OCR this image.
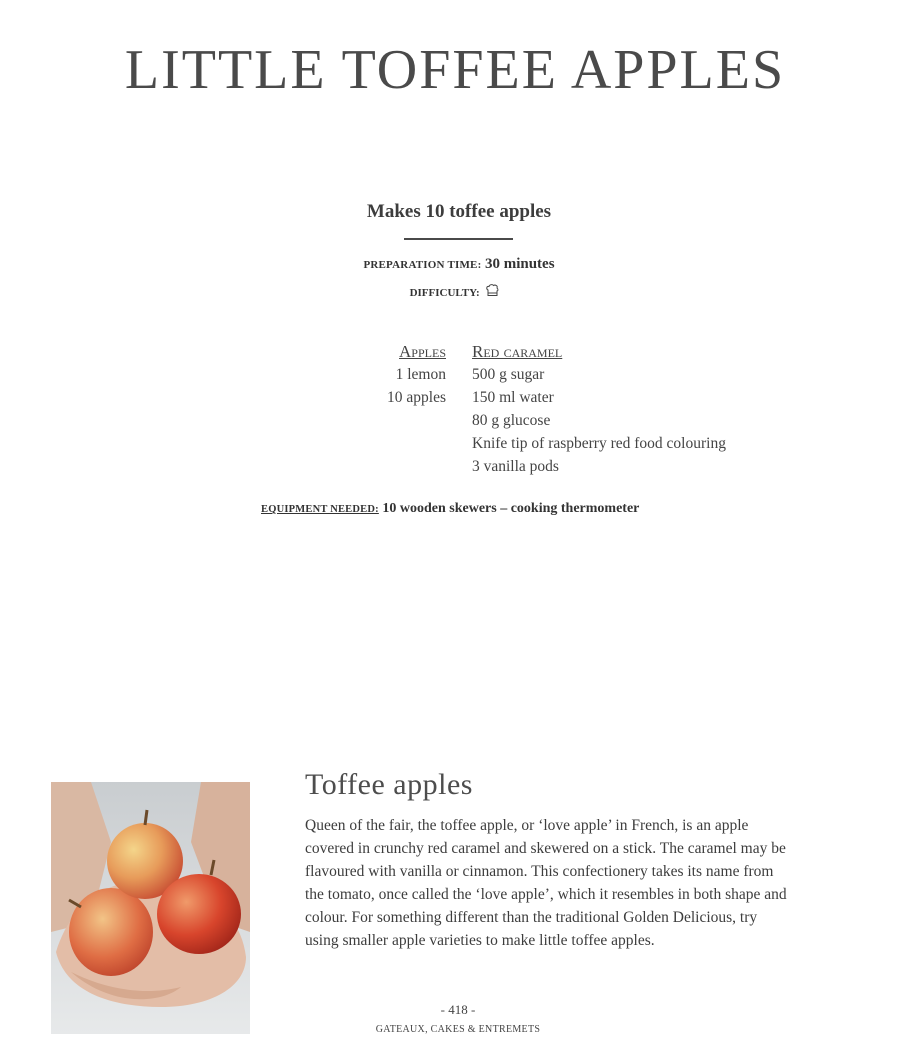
LITTLE TOFFEE APPLES
Makes 10 toffee apples
PREPARATION TIME: 30 minutes
DIFFICULTY:
Apples
1 lemon
10 apples
Red caramel
500 g sugar
150 ml water
80 g glucose
Knife tip of raspberry red food colouring
3 vanilla pods
EQUIPMENT NEEDED: 10 wooden skewers – cooking thermometer
Toffee apples
Queen of the fair, the toffee apple, or ‘love apple’ in French, is an apple
covered in crunchy red caramel and skewered on a stick. The caramel may be
flavoured with vanilla or cinnamon. This confectionery takes its name from
the tomato, once called the ‘love apple’, which it resembles in both shape and
colour. For something different than the traditional Golden Delicious, try
using smaller apple varieties to make little toffee apples.
- 418 -
GATEAUX, CAKES & ENTREMETS
